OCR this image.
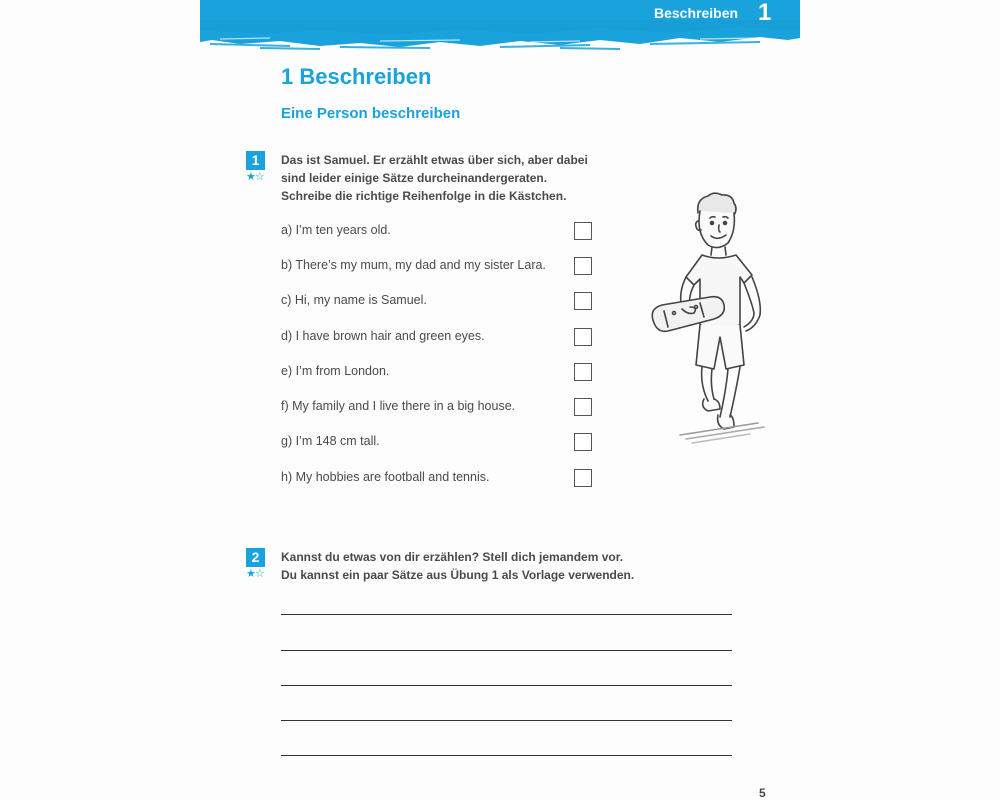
Beschreiben 1
1 Beschreiben
Eine Person beschreiben
1
★☆
Das ist Samuel. Er erzählt etwas über sich, aber dabei
sind leider einige Sätze durcheinandergeraten.
Schreibe die richtige Reihenfolge in die Kästchen.
a) I’m ten years old.
b) There’s my mum, my dad and my sister Lara.
c) Hi, my name is Samuel.
d) I have brown hair and green eyes.
e) I’m from London.
f) My family and I live there in a big house.
g) I’m 148 cm tall.
h) My hobbies are football and tennis.
2
★☆
Kannst du etwas von dir erzählen? Stell dich jemandem vor.
Du kannst ein paar Sätze aus Übung 1 als Vorlage verwenden.
5
